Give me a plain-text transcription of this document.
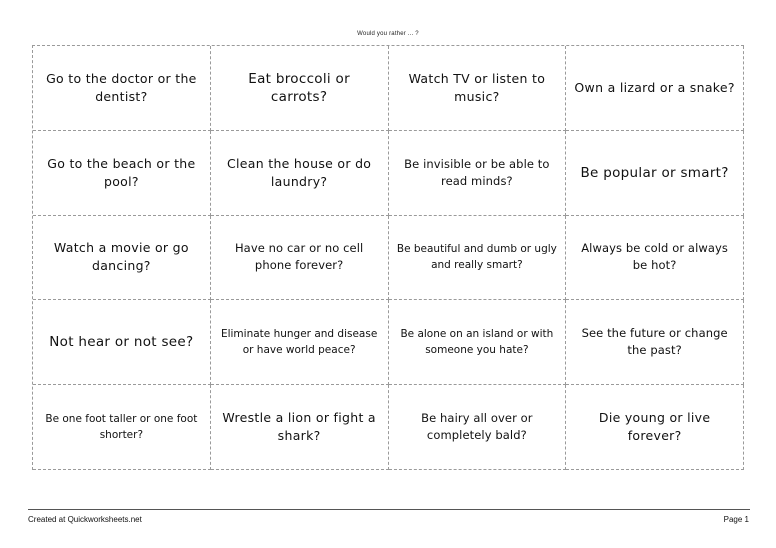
Would you rather ... ?
Go to the doctor or the dentist?
Eat broccoli or carrots?
Watch TV or listen to music?
Own a lizard or a snake?
Go to the beach or the pool?
Clean the house or do laundry?
Be invisible or be able to read minds?	Be popular or smart?
Watch a movie or go dancing?
Have no car or no cell phone forever?
Be beautiful and dumb or ugly and really smart?
Always be cold or always be hot?
Not hear or not see?	Eliminate hunger and disease or have world peace?
Be alone on an island or with someone you hate?
See the future or change the past?
Be one foot taller or one foot shorter?
Wrestle a lion or fight a shark?
Be hairy all over or completely bald?
Die young or live forever?
Created at Quickworksheets.net	Page 1
